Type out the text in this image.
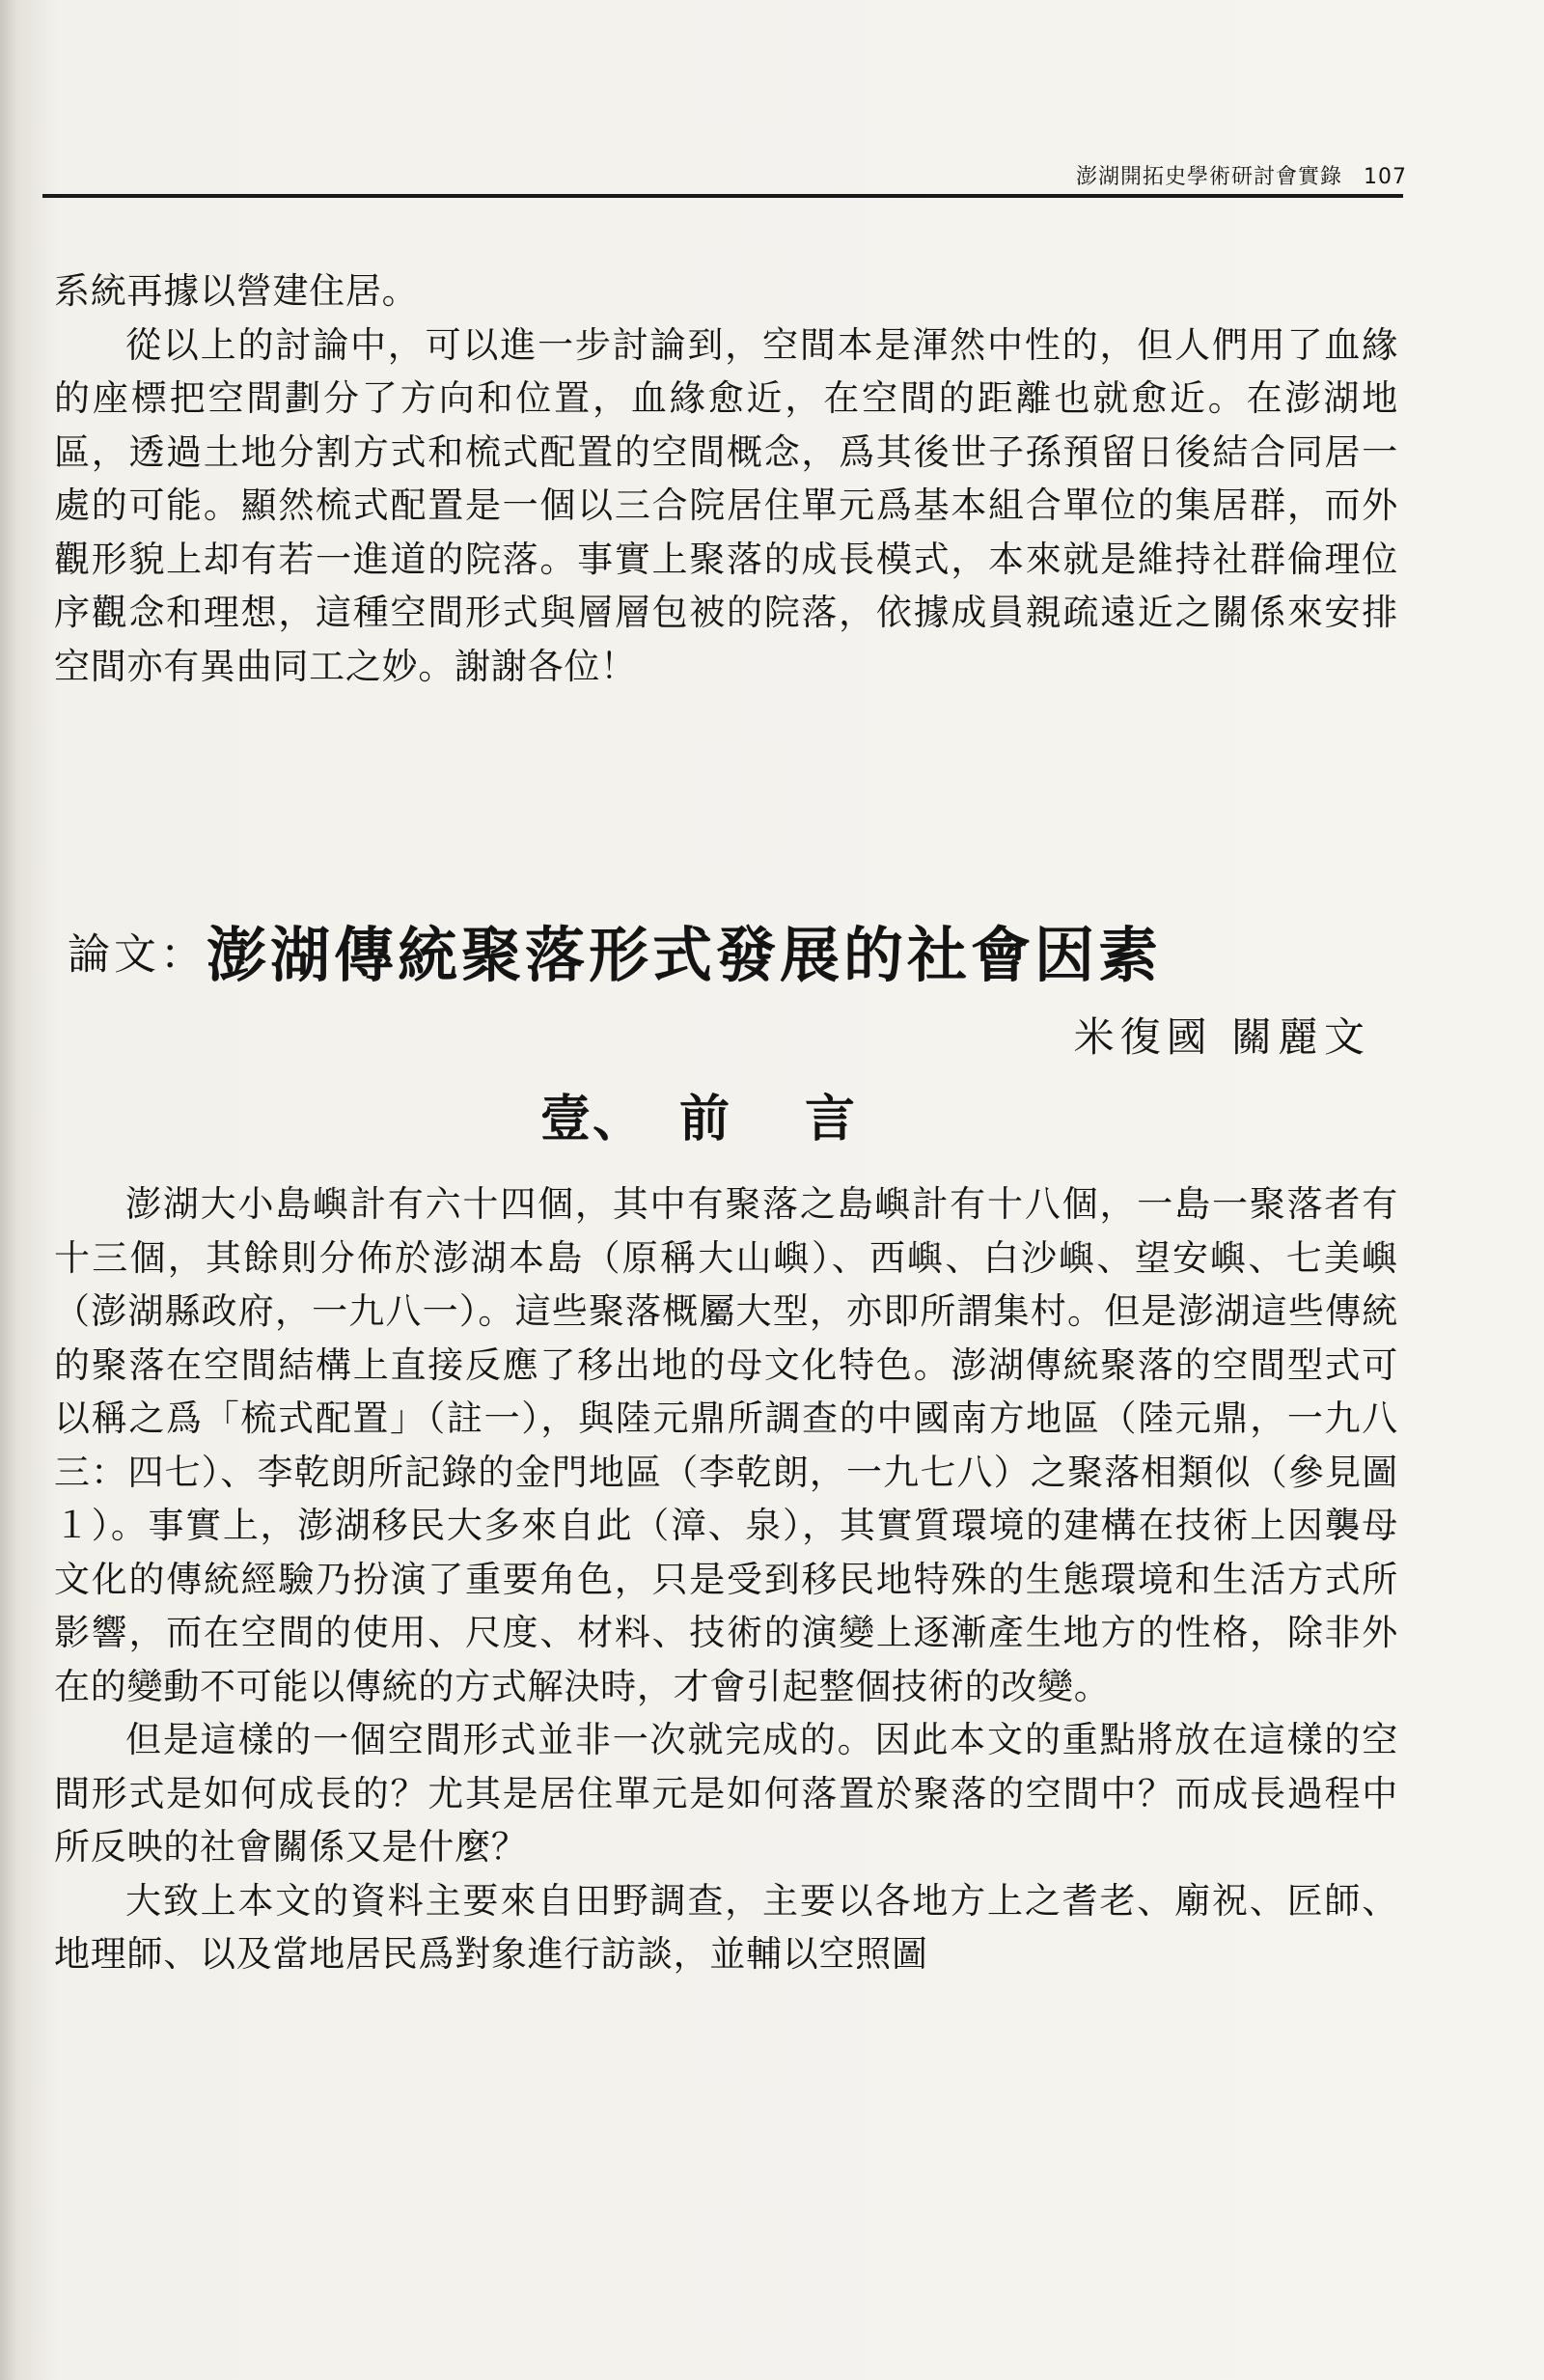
澎湖開拓史學術研討會實錄 107

系統再據以營建住居。

從以上的討論中，可以進一步討論到，空間本是渾然中性的，但人們用了血緣的座標把空間劃分了方向和位置，血緣愈近，在空間的距離也就愈近。在澎湖地區，透過土地分割方式和梳式配置的空間概念，爲其後世子孫預留日後結合同居一處的可能。顯然梳式配置是一個以三合院居住單元爲基本組合單位的集居群，而外觀形貌上却有若一進道的院落。事實上聚落的成長模式，本來就是維持社群倫理位序觀念和理想，這種空間形式與層層包被的院落，依據成員親疏遠近之關係來安排空間亦有異曲同工之妙。謝謝各位！

論文：澎湖傳統聚落形式發展的社會因素
米復國 關麗文
壹、 前言

澎湖大小島嶼計有六十四個，其中有聚落之島嶼計有十八個，一島一聚落者有十三個，其餘則分佈於澎湖本島（原稱大山嶼）、西嶼、白沙嶼、望安嶼、七美嶼（澎湖縣政府，一九八一）。這些聚落概屬大型，亦即所謂集村。但是澎湖這些傳統的聚落在空間結構上直接反應了移出地的母文化特色。澎湖傳統聚落的空間型式可以稱之爲「梳式配置」（註一），與陸元鼎所調查的中國南方地區（陸元鼎，一九八三：四七）、李乾朗所記錄的金門地區（李乾朗，一九七八）之聚落相類似（參見圖１）。事實上，澎湖移民大多來自此（漳、泉），其實質環境的建構在技術上因襲母文化的傳統經驗乃扮演了重要角色，只是受到移民地特殊的生態環境和生活方式所影響，而在空間的使用、尺度、材料、技術的演變上逐漸產生地方的性格，除非外在的變動不可能以傳統的方式解決時，才會引起整個技術的改變。

但是這樣的一個空間形式並非一次就完成的。因此本文的重點將放在這樣的空間形式是如何成長的？尤其是居住單元是如何落置於聚落的空間中？而成長過程中所反映的社會關係又是什麼？

大致上本文的資料主要來自田野調查，主要以各地方上之耆老、廟祝、匠師、地理師、以及當地居民爲對象進行訪談，並輔以空照圖
